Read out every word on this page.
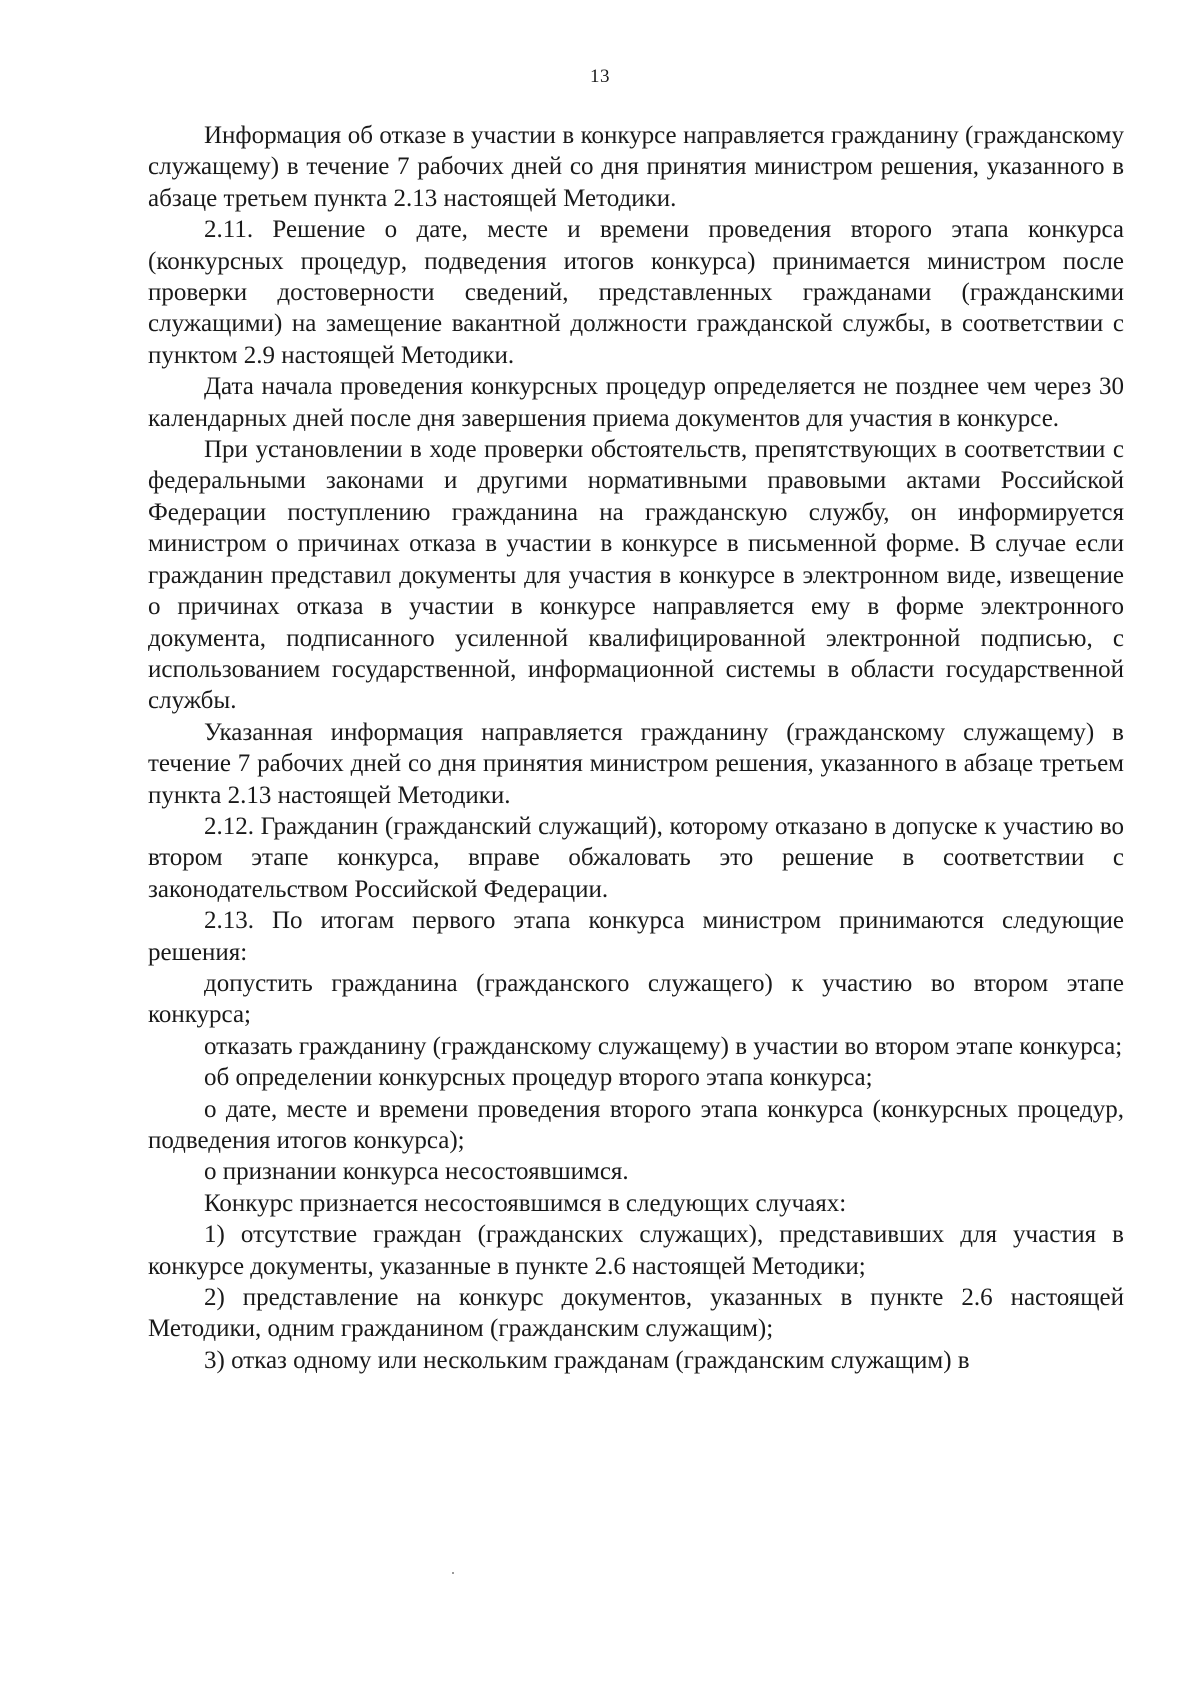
13

Информация об отказе в участии в конкурсе направляется гражданину (гражданскому служащему) в течение 7 рабочих дней со дня принятия министром решения, указанного в абзаце третьем пункта 2.13 настоящей Методики.

2.11. Решение о дате, месте и времени проведения второго этапа конкурса (конкурсных процедур, подведения итогов конкурса) принимается министром после проверки достоверности сведений, представленных гражданами (гражданскими служащими) на замещение вакантной должности гражданской службы, в соответствии с пунктом 2.9 настоящей Методики.

Дата начала проведения конкурсных процедур определяется не позднее чем через 30 календарных дней после дня завершения приема документов для участия в конкурсе.

При установлении в ходе проверки обстоятельств, препятствующих в соответствии с федеральными законами и другими нормативными правовыми актами Российской Федерации поступлению гражданина на гражданскую службу, он информируется министром о причинах отказа в участии в конкурсе в письменной форме. В случае если гражданин представил документы для участия в конкурсе в электронном виде, извещение о причинах отказа в участии в конкурсе направляется ему в форме электронного документа, подписанного усиленной квалифицированной электронной подписью, с использованием государственной, информационной системы в области государственной службы.

Указанная информация направляется гражданину (гражданскому служащему) в течение 7 рабочих дней со дня принятия министром решения, указанного в абзаце третьем пункта 2.13 настоящей Методики.

2.12. Гражданин (гражданский служащий), которому отказано в допуске к участию во втором этапе конкурса, вправе обжаловать это решение в соответствии с законодательством Российской Федерации.

2.13. По итогам первого этапа конкурса министром принимаются следующие решения:

допустить гражданина (гражданского служащего) к участию во втором этапе конкурса;

отказать гражданину (гражданскому служащему) в участии во втором этапе конкурса;

об определении конкурсных процедур второго этапа конкурса;

о дате, месте и времени проведения второго этапа конкурса (конкурсных процедур, подведения итогов конкурса);

о признании конкурса несостоявшимся.

Конкурс признается несостоявшимся в следующих случаях:

1) отсутствие граждан (гражданских служащих), представивших для участия в конкурсе документы, указанные в пункте 2.6 настоящей Методики;

2) представление на конкурс документов, указанных в пункте 2.6 настоящей Методики, одним гражданином (гражданским служащим);

3) отказ одному или нескольким гражданам (гражданским служащим) в
